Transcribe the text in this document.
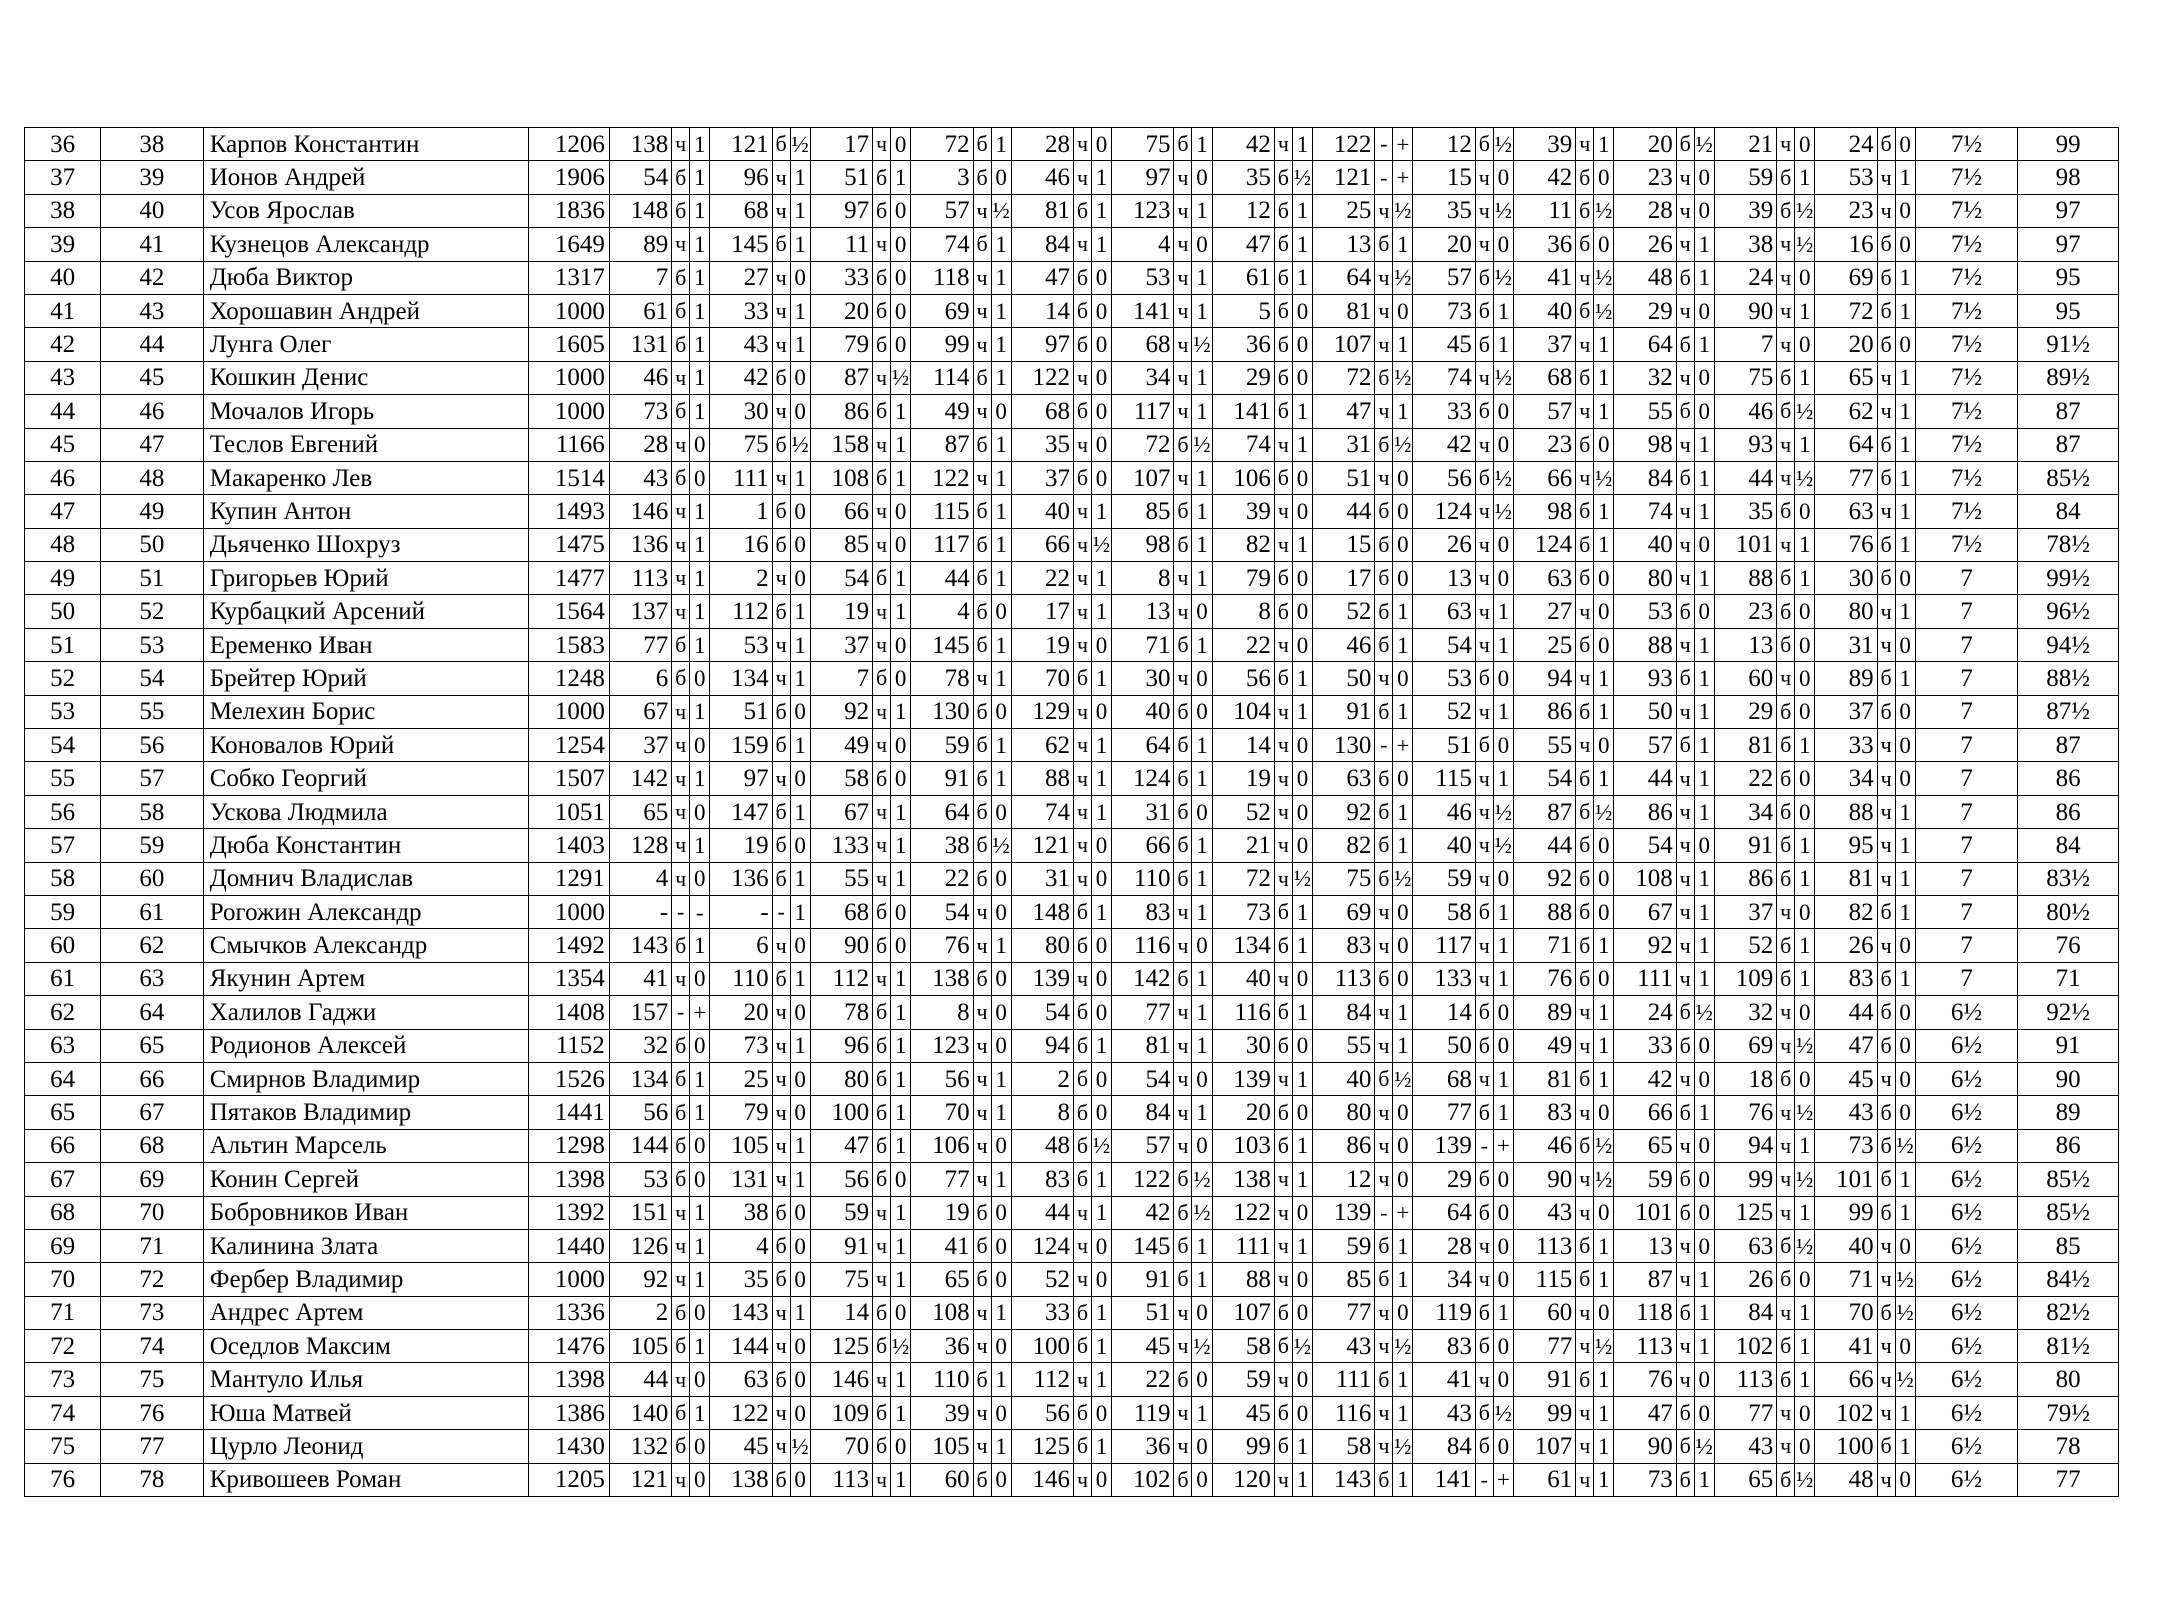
36	38	Карпов Константин	1206	138	ч	1	121	б	½	17	ч	0	72	б	1	28	ч	0	75	б	1	42	ч	1	122	-	+	12	б	½	39	ч	1	20	б	½	21	ч	0	24	б	0	7½	99
37	39	Ионов Андрей	1906	54	б	1	96	ч	1	51	б	1	3	б	0	46	ч	1	97	ч	0	35	б	½	121	-	+	15	ч	0	42	б	0	23	ч	0	59	б	1	53	ч	1	7½	98
38	40	Усов Ярослав	1836	148	б	1	68	ч	1	97	б	0	57	ч	½	81	б	1	123	ч	1	12	б	1	25	ч	½	35	ч	½	11	б	½	28	ч	0	39	б	½	23	ч	0	7½	97
39	41	Кузнецов Александр	1649	89	ч	1	145	б	1	11	ч	0	74	б	1	84	ч	1	4	ч	0	47	б	1	13	б	1	20	ч	0	36	б	0	26	ч	1	38	ч	½	16	б	0	7½	97
40	42	Дюба Виктор	1317	7	б	1	27	ч	0	33	б	0	118	ч	1	47	б	0	53	ч	1	61	б	1	64	ч	½	57	б	½	41	ч	½	48	б	1	24	ч	0	69	б	1	7½	95
41	43	Хорошавин Андрей	1000	61	б	1	33	ч	1	20	б	0	69	ч	1	14	б	0	141	ч	1	5	б	0	81	ч	0	73	б	1	40	б	½	29	ч	0	90	ч	1	72	б	1	7½	95
42	44	Лунга Олег	1605	131	б	1	43	ч	1	79	б	0	99	ч	1	97	б	0	68	ч	½	36	б	0	107	ч	1	45	б	1	37	ч	1	64	б	1	7	ч	0	20	б	0	7½	91½
43	45	Кошкин Денис	1000	46	ч	1	42	б	0	87	ч	½	114	б	1	122	ч	0	34	ч	1	29	б	0	72	б	½	74	ч	½	68	б	1	32	ч	0	75	б	1	65	ч	1	7½	89½
44	46	Мочалов Игорь	1000	73	б	1	30	ч	0	86	б	1	49	ч	0	68	б	0	117	ч	1	141	б	1	47	ч	1	33	б	0	57	ч	1	55	б	0	46	б	½	62	ч	1	7½	87
45	47	Теслов Евгений	1166	28	ч	0	75	б	½	158	ч	1	87	б	1	35	ч	0	72	б	½	74	ч	1	31	б	½	42	ч	0	23	б	0	98	ч	1	93	ч	1	64	б	1	7½	87
46	48	Макаренко Лев	1514	43	б	0	111	ч	1	108	б	1	122	ч	1	37	б	0	107	ч	1	106	б	0	51	ч	0	56	б	½	66	ч	½	84	б	1	44	ч	½	77	б	1	7½	85½
47	49	Купин Антон	1493	146	ч	1	1	б	0	66	ч	0	115	б	1	40	ч	1	85	б	1	39	ч	0	44	б	0	124	ч	½	98	б	1	74	ч	1	35	б	0	63	ч	1	7½	84
48	50	Дьяченко Шохруз	1475	136	ч	1	16	б	0	85	ч	0	117	б	1	66	ч	½	98	б	1	82	ч	1	15	б	0	26	ч	0	124	б	1	40	ч	0	101	ч	1	76	б	1	7½	78½
49	51	Григорьев Юрий	1477	113	ч	1	2	ч	0	54	б	1	44	б	1	22	ч	1	8	ч	1	79	б	0	17	б	0	13	ч	0	63	б	0	80	ч	1	88	б	1	30	б	0	7	99½
50	52	Курбацкий Арсений	1564	137	ч	1	112	б	1	19	ч	1	4	б	0	17	ч	1	13	ч	0	8	б	0	52	б	1	63	ч	1	27	ч	0	53	б	0	23	б	0	80	ч	1	7	96½
51	53	Еременко Иван	1583	77	б	1	53	ч	1	37	ч	0	145	б	1	19	ч	0	71	б	1	22	ч	0	46	б	1	54	ч	1	25	б	0	88	ч	1	13	б	0	31	ч	0	7	94½
52	54	Брейтер Юрий	1248	6	б	0	134	ч	1	7	б	0	78	ч	1	70	б	1	30	ч	0	56	б	1	50	ч	0	53	б	0	94	ч	1	93	б	1	60	ч	0	89	б	1	7	88½
53	55	Мелехин Борис	1000	67	ч	1	51	б	0	92	ч	1	130	б	0	129	ч	0	40	б	0	104	ч	1	91	б	1	52	ч	1	86	б	1	50	ч	1	29	б	0	37	б	0	7	87½
54	56	Коновалов Юрий	1254	37	ч	0	159	б	1	49	ч	0	59	б	1	62	ч	1	64	б	1	14	ч	0	130	-	+	51	б	0	55	ч	0	57	б	1	81	б	1	33	ч	0	7	87
55	57	Собко Георгий	1507	142	ч	1	97	ч	0	58	б	0	91	б	1	88	ч	1	124	б	1	19	ч	0	63	б	0	115	ч	1	54	б	1	44	ч	1	22	б	0	34	ч	0	7	86
56	58	Ускова Людмила	1051	65	ч	0	147	б	1	67	ч	1	64	б	0	74	ч	1	31	б	0	52	ч	0	92	б	1	46	ч	½	87	б	½	86	ч	1	34	б	0	88	ч	1	7	86
57	59	Дюба Константин	1403	128	ч	1	19	б	0	133	ч	1	38	б	½	121	ч	0	66	б	1	21	ч	0	82	б	1	40	ч	½	44	б	0	54	ч	0	91	б	1	95	ч	1	7	84
58	60	Домнич Владислав	1291	4	ч	0	136	б	1	55	ч	1	22	б	0	31	ч	0	110	б	1	72	ч	½	75	б	½	59	ч	0	92	б	0	108	ч	1	86	б	1	81	ч	1	7	83½
59	61	Рогожин Александр	1000	-	-	-	-	-	1	68	б	0	54	ч	0	148	б	1	83	ч	1	73	б	1	69	ч	0	58	б	1	88	б	0	67	ч	1	37	ч	0	82	б	1	7	80½
60	62	Смычков Александр	1492	143	б	1	6	ч	0	90	б	0	76	ч	1	80	б	0	116	ч	0	134	б	1	83	ч	0	117	ч	1	71	б	1	92	ч	1	52	б	1	26	ч	0	7	76
61	63	Якунин Артем	1354	41	ч	0	110	б	1	112	ч	1	138	б	0	139	ч	0	142	б	1	40	ч	0	113	б	0	133	ч	1	76	б	0	111	ч	1	109	б	1	83	б	1	7	71
62	64	Халилов Гаджи	1408	157	-	+	20	ч	0	78	б	1	8	ч	0	54	б	0	77	ч	1	116	б	1	84	ч	1	14	б	0	89	ч	1	24	б	½	32	ч	0	44	б	0	6½	92½
63	65	Родионов Алексей	1152	32	б	0	73	ч	1	96	б	1	123	ч	0	94	б	1	81	ч	1	30	б	0	55	ч	1	50	б	0	49	ч	1	33	б	0	69	ч	½	47	б	0	6½	91
64	66	Смирнов Владимир	1526	134	б	1	25	ч	0	80	б	1	56	ч	1	2	б	0	54	ч	0	139	ч	1	40	б	½	68	ч	1	81	б	1	42	ч	0	18	б	0	45	ч	0	6½	90
65	67	Пятаков Владимир	1441	56	б	1	79	ч	0	100	б	1	70	ч	1	8	б	0	84	ч	1	20	б	0	80	ч	0	77	б	1	83	ч	0	66	б	1	76	ч	½	43	б	0	6½	89
66	68	Альтин Марсель	1298	144	б	0	105	ч	1	47	б	1	106	ч	0	48	б	½	57	ч	0	103	б	1	86	ч	0	139	-	+	46	б	½	65	ч	0	94	ч	1	73	б	½	6½	86
67	69	Конин Сергей	1398	53	б	0	131	ч	1	56	б	0	77	ч	1	83	б	1	122	б	½	138	ч	1	12	ч	0	29	б	0	90	ч	½	59	б	0	99	ч	½	101	б	1	6½	85½
68	70	Бобровников Иван	1392	151	ч	1	38	б	0	59	ч	1	19	б	0	44	ч	1	42	б	½	122	ч	0	139	-	+	64	б	0	43	ч	0	101	б	0	125	ч	1	99	б	1	6½	85½
69	71	Калинина Злата	1440	126	ч	1	4	б	0	91	ч	1	41	б	0	124	ч	0	145	б	1	111	ч	1	59	б	1	28	ч	0	113	б	1	13	ч	0	63	б	½	40	ч	0	6½	85
70	72	Фербер Владимир	1000	92	ч	1	35	б	0	75	ч	1	65	б	0	52	ч	0	91	б	1	88	ч	0	85	б	1	34	ч	0	115	б	1	87	ч	1	26	б	0	71	ч	½	6½	84½
71	73	Андрес Артем	1336	2	б	0	143	ч	1	14	б	0	108	ч	1	33	б	1	51	ч	0	107	б	0	77	ч	0	119	б	1	60	ч	0	118	б	1	84	ч	1	70	б	½	6½	82½
72	74	Оседлов Максим	1476	105	б	1	144	ч	0	125	б	½	36	ч	0	100	б	1	45	ч	½	58	б	½	43	ч	½	83	б	0	77	ч	½	113	ч	1	102	б	1	41	ч	0	6½	81½
73	75	Мантуло Илья	1398	44	ч	0	63	б	0	146	ч	1	110	б	1	112	ч	1	22	б	0	59	ч	0	111	б	1	41	ч	0	91	б	1	76	ч	0	113	б	1	66	ч	½	6½	80
74	76	Юша Матвей	1386	140	б	1	122	ч	0	109	б	1	39	ч	0	56	б	0	119	ч	1	45	б	0	116	ч	1	43	б	½	99	ч	1	47	б	0	77	ч	0	102	ч	1	6½	79½
75	77	Цурло Леонид	1430	132	б	0	45	ч	½	70	б	0	105	ч	1	125	б	1	36	ч	0	99	б	1	58	ч	½	84	б	0	107	ч	1	90	б	½	43	ч	0	100	б	1	6½	78
76	78	Кривошеев Роман	1205	121	ч	0	138	б	0	113	ч	1	60	б	0	146	ч	0	102	б	0	120	ч	1	143	б	1	141	-	+	61	ч	1	73	б	1	65	б	½	48	ч	0	6½	77
